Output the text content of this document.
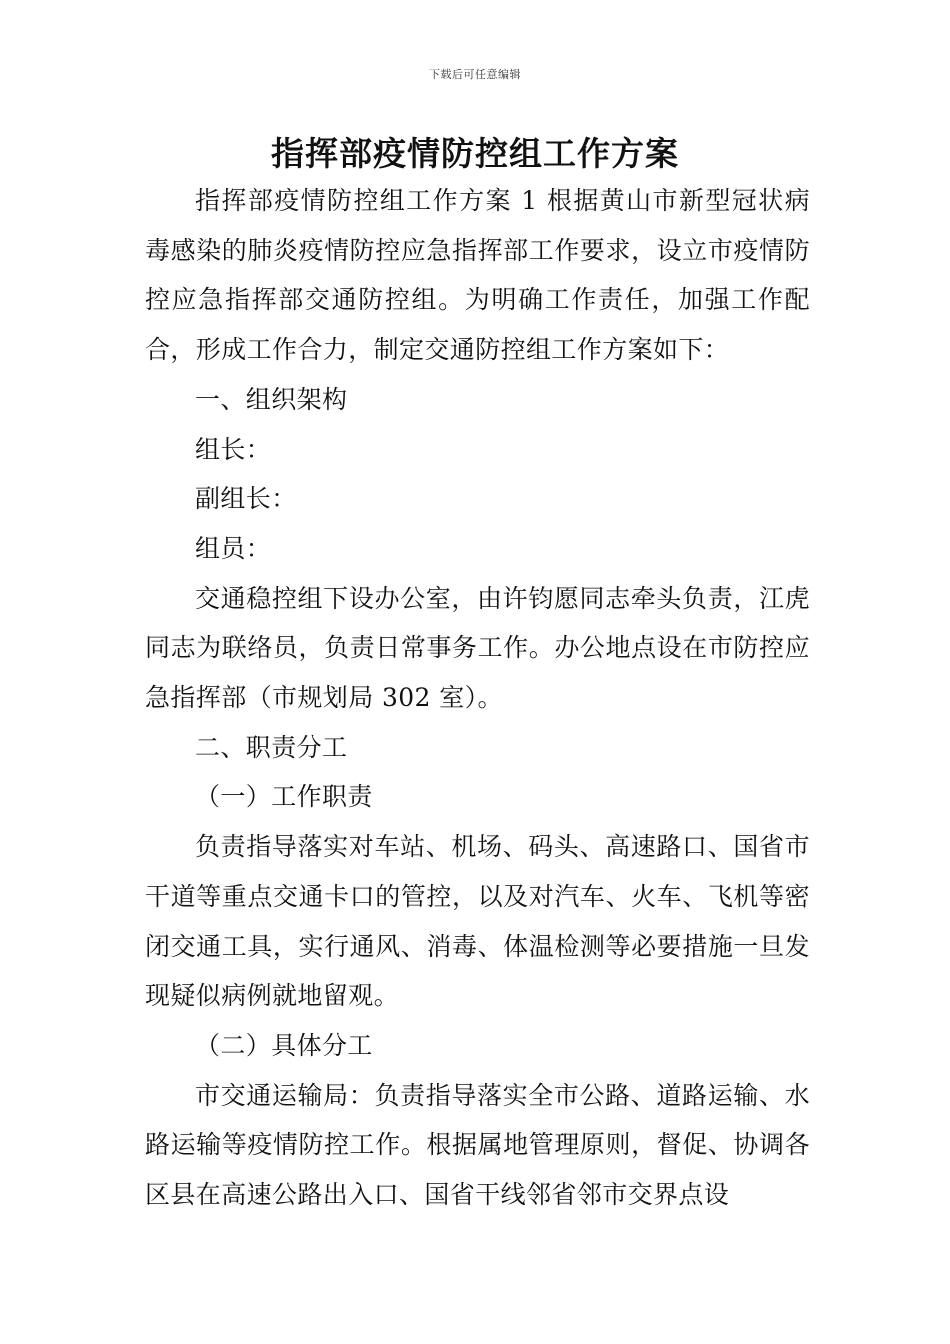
下载后可任意编辑
指挥部疫情防控组工作方案

指挥部疫情防控组工作方案 1 根据黄山市新型冠状病毒感染的肺炎疫情防控应急指挥部工作要求，设立市疫情防控应急指挥部交通防控组。为明确工作责任，加强工作配合，形成工作合力，制定交通防控组工作方案如下：

一、组织架构

组长：

副组长：

组员：

交通稳控组下设办公室，由许钧愿同志牵头负责，江虎同志为联络员，负责日常事务工作。办公地点设在市防控应急指挥部（市规划局 302 室）。

二、职责分工

（一）工作职责

负责指导落实对车站、机场、码头、高速路口、国省市干道等重点交通卡口的管控，以及对汽车、火车、飞机等密闭交通工具，实行通风、消毒、体温检测等必要措施一旦发现疑似病例就地留观。

（二）具体分工

市交通运输局：负责指导落实全市公路、道路运输、水路运输等疫情防控工作。根据属地管理原则，督促、协调各区县在高速公路出入口、国省干线邻省邻市交界点设
